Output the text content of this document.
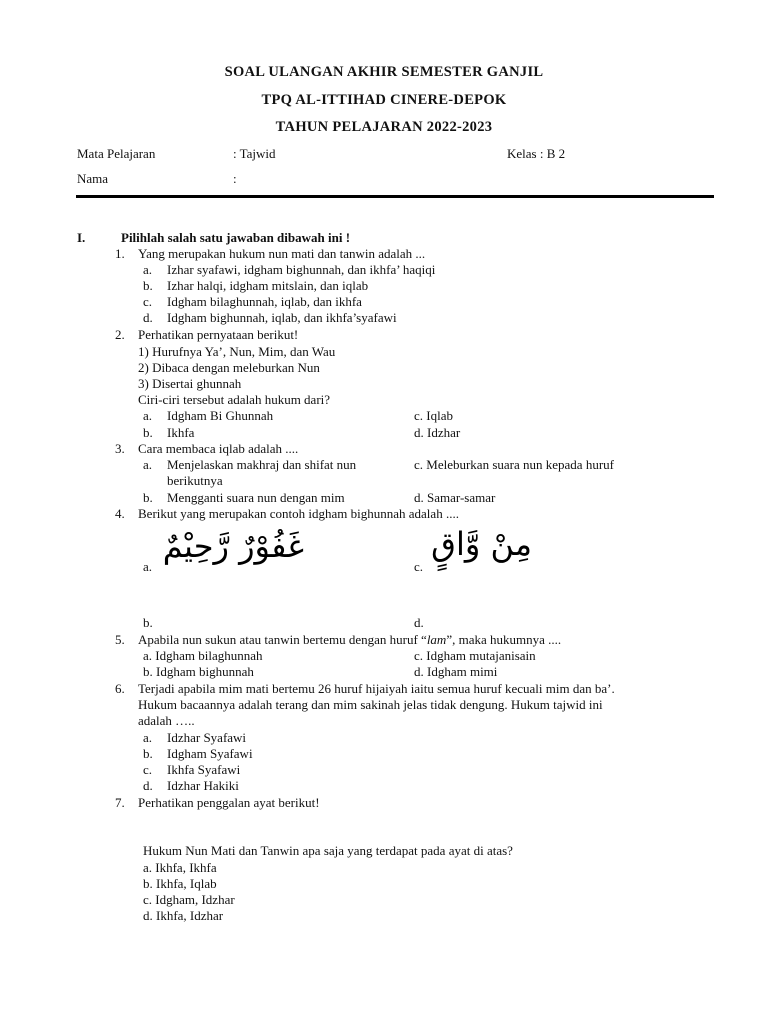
SOAL ULANGAN AKHIR SEMESTER GANJIL
TPQ AL-ITTIHAD CINERE-DEPOK
TAHUN PELAJARAN 2022-2023
Mata Pelajaran	: Tajwid	Kelas : B 2
Nama	:
I.	Pilihlah salah satu jawaban dibawah ini !
1. Yang merupakan hukum nun mati dan tanwin adalah ...
a. Izhar syafawi, idgham bighunnah, dan ikhfa’ haqiqi
b. Izhar halqi, idgham mitslain, dan iqlab
c. Idgham bilaghunnah, iqlab, dan ikhfa
d. Idgham bighunnah, iqlab, dan ikhfa’syafawi
2. Perhatikan pernyataan berikut!
1) Hurufnya Ya’, Nun, Mim, dan Wau
2) Dibaca dengan meleburkan Nun
3) Disertai ghunnah
Ciri-ciri tersebut adalah hukum dari?
a. Idgham Bi Ghunnah	c. Iqlab
b. Ikhfa	d. Idzhar
3. Cara membaca iqlab adalah ....
a. Menjelaskan makhraj dan shifat nun	c. Meleburkan suara nun kepada huruf
berikutnya
b. Mengganti suara nun dengan mim	d. Samar-samar
4. Berikut yang merupakan contoh idgham bighunnah adalah ....
غَفُوْرٌ رَّحِيْمٌ
a.
مِنْ وَّاقٍ
c.
b.	d.
5. Apabila nun sukun atau tanwin bertemu dengan huruf “lam”, maka hukumnya ....
a. Idgham bilaghunnah	c. Idgham mutajanisain
b. Idgham bighunnah	d. Idgham mimi
6. Terjadi apabila mim mati bertemu 26 huruf hijaiyah iaitu semua huruf kecuali mim dan ba’.
Hukum bacaannya adalah terang dan mim sakinah jelas tidak dengung. Hukum tajwid ini
adalah …..
a. Idzhar Syafawi
b. Idgham Syafawi
c. Ikhfa Syafawi
d. Idzhar Hakiki
7. Perhatikan penggalan ayat berikut!
Hukum Nun Mati dan Tanwin apa saja yang terdapat pada ayat di atas?
a. Ikhfa, Ikhfa
b. Ikhfa, Iqlab
c. Idgham, Idzhar
d. Ikhfa, Idzhar
